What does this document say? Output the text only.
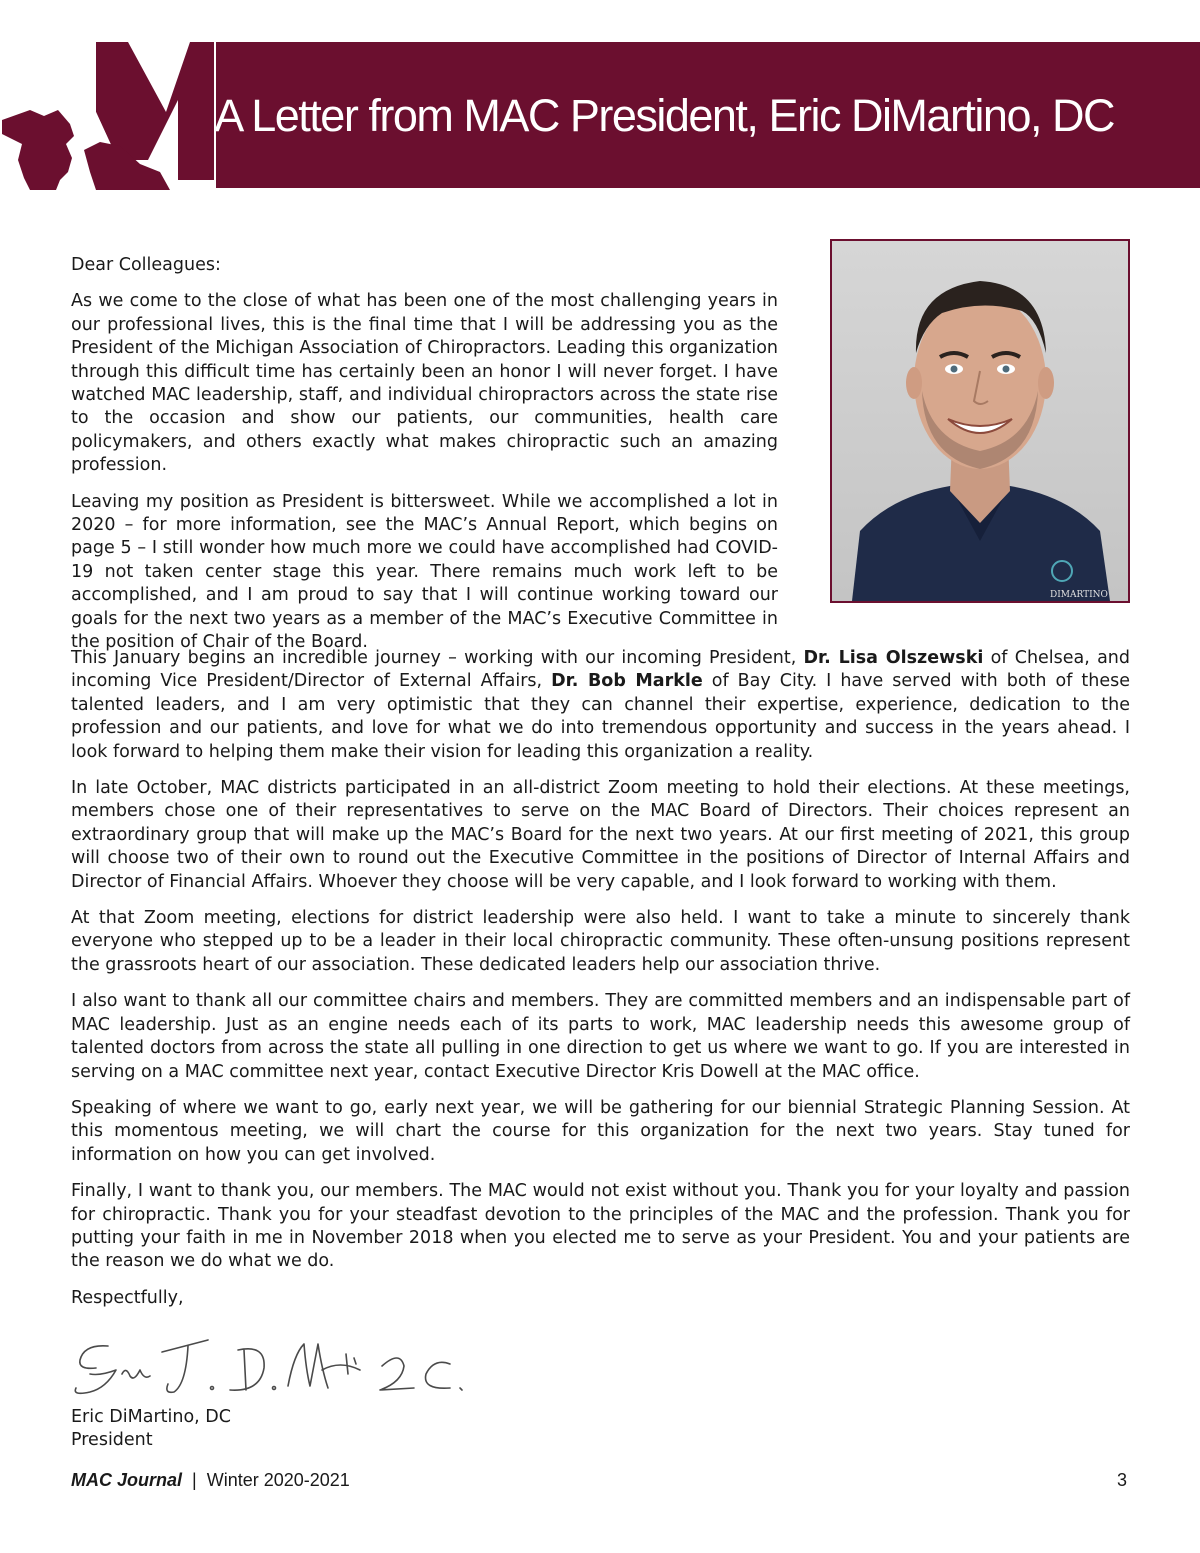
A Letter from MAC President, Eric DiMartino, DC
DIMARTINO

Dear Colleagues:

As we come to the close of what has been one of the most challenging years in our professional lives, this is the final time that I will be addressing you as the President of the Michigan Association of Chiropractors. Leading this organization through this difficult time has certainly been an honor I will never forget. I have watched MAC leadership, staff, and individual chiropractors across the state rise to the occasion and show our patients, our communities, health care policymakers, and others exactly what makes chiropractic such an amazing profession.

Leaving my position as President is bittersweet. While we accomplished a lot in 2020 – for more information, see the MAC’s Annual Report, which begins on page 5 – I still wonder how much more we could have accomplished had COVID-19 not taken center stage this year. There remains much work left to be accomplished, and I am proud to say that I will continue working toward our goals for the next two years as a member of the MAC’s Executive Committee in the position of Chair of the Board.

This January begins an incredible journey – working with our incoming President, Dr. Lisa Olszewski of Chelsea, and incoming Vice President/Director of External Affairs, Dr. Bob Markle of Bay City. I have served with both of these talented leaders, and I am very optimistic that they can channel their expertise, experience, dedication to the profession and our patients, and love for what we do into tremendous opportunity and success in the years ahead. I look forward to helping them make their vision for leading this organization a reality.

In late October, MAC districts participated in an all-district Zoom meeting to hold their elections. At these meetings, members chose one of their representatives to serve on the MAC Board of Directors. Their choices represent an extraordinary group that will make up the MAC’s Board for the next two years. At our first meeting of 2021, this group will choose two of their own to round out the Executive Committee in the positions of Director of Internal Affairs and Director of Financial Affairs. Whoever they choose will be very capable, and I look forward to working with them.

At that Zoom meeting, elections for district leadership were also held. I want to take a minute to sincerely thank everyone who stepped up to be a leader in their local chiropractic community. These often-unsung positions represent the grassroots heart of our association. These dedicated leaders help our association thrive.

I also want to thank all our committee chairs and members. They are committed members and an indispensable part of MAC leadership. Just as an engine needs each of its parts to work, MAC leadership needs this awesome group of talented doctors from across the state all pulling in one direction to get us where we want to go. If you are interested in serving on a MAC committee next year, contact Executive Director Kris Dowell at the MAC office.

Speaking of where we want to go, early next year, we will be gathering for our biennial Strategic Planning Session. At this momentous meeting, we will chart the course for this organization for the next two years. Stay tuned for information on how you can get involved.

Finally, I want to thank you, our members. The MAC would not exist without you. Thank you for your loyalty and passion for chiropractic. Thank you for your steadfast devotion to the principles of the MAC and the profession. Thank you for putting your faith in me in November 2018 when you elected me to serve as your President. You and your patients are the reason we do what we do.

Respectfully,

Eric DiMartino, DC
President
MAC Journal | Winter 2020-2021	3
